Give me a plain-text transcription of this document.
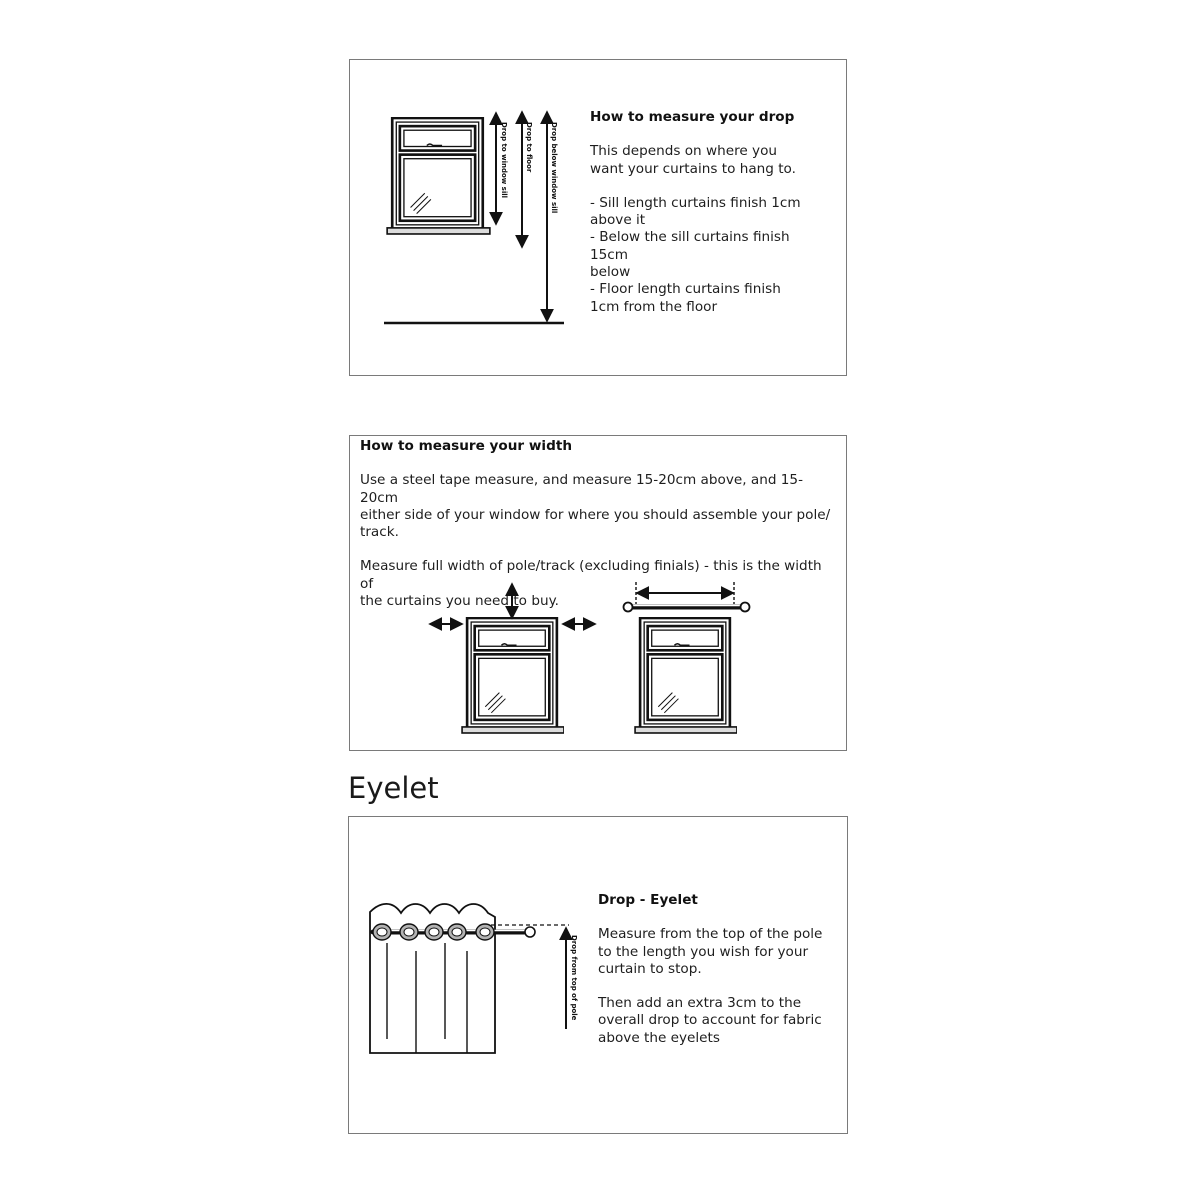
Drop to window sill Drop to floor Drop below window sill
How to measure your drop

This depends on where you
want your curtains to hang to.

- Sill length curtains finish 1cm
above it
- Below the sill curtains finish
15cm
below
- Floor length curtains finish
1cm from the floor

How to measure your width

Use a steel tape measure, and measure 15-20cm above, and 15-20cm
either side of your window for where you should assemble your pole/
track.

Measure full width of pole/track (excluding finials) - this is the width of
the curtains you need to buy.

Eyelet
Drop from top of pole
Drop - Eyelet

Measure from the top of the pole
to the length you wish for your
curtain to stop.

Then add an extra 3cm to the
overall drop to account for fabric
above the eyelets
